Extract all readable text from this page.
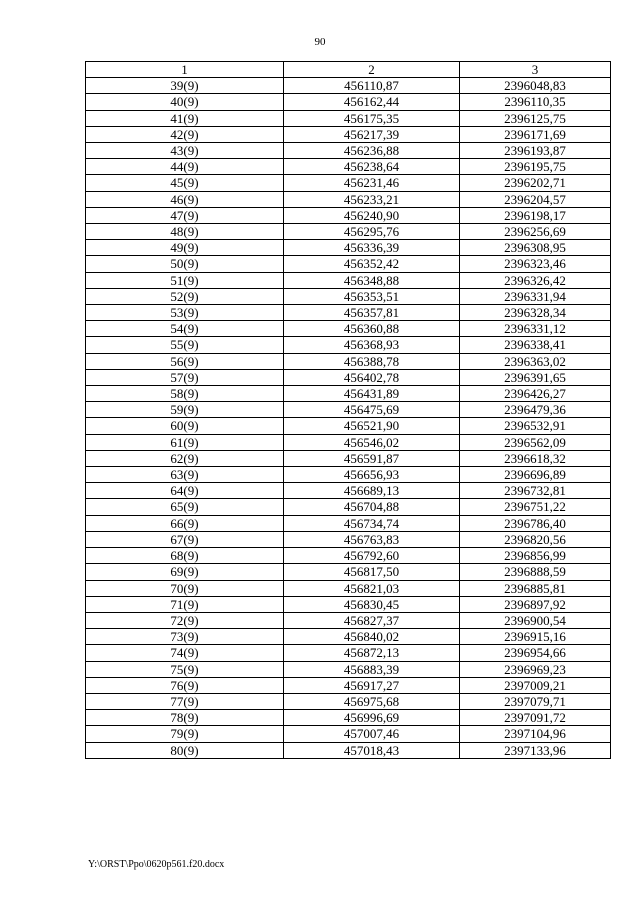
90
1	2	3
39(9)	456110,87	2396048,83
40(9)	456162,44	2396110,35
41(9)	456175,35	2396125,75
42(9)	456217,39	2396171,69
43(9)	456236,88	2396193,87
44(9)	456238,64	2396195,75
45(9)	456231,46	2396202,71
46(9)	456233,21	2396204,57
47(9)	456240,90	2396198,17
48(9)	456295,76	2396256,69
49(9)	456336,39	2396308,95
50(9)	456352,42	2396323,46
51(9)	456348,88	2396326,42
52(9)	456353,51	2396331,94
53(9)	456357,81	2396328,34
54(9)	456360,88	2396331,12
55(9)	456368,93	2396338,41
56(9)	456388,78	2396363,02
57(9)	456402,78	2396391,65
58(9)	456431,89	2396426,27
59(9)	456475,69	2396479,36
60(9)	456521,90	2396532,91
61(9)	456546,02	2396562,09
62(9)	456591,87	2396618,32
63(9)	456656,93	2396696,89
64(9)	456689,13	2396732,81
65(9)	456704,88	2396751,22
66(9)	456734,74	2396786,40
67(9)	456763,83	2396820,56
68(9)	456792,60	2396856,99
69(9)	456817,50	2396888,59
70(9)	456821,03	2396885,81
71(9)	456830,45	2396897,92
72(9)	456827,37	2396900,54
73(9)	456840,02	2396915,16
74(9)	456872,13	2396954,66
75(9)	456883,39	2396969,23
76(9)	456917,27	2397009,21
77(9)	456975,68	2397079,71
78(9)	456996,69	2397091,72
79(9)	457007,46	2397104,96
80(9)	457018,43	2397133,96
Y:\ORST\Ppo\0620p561.f20.docx
